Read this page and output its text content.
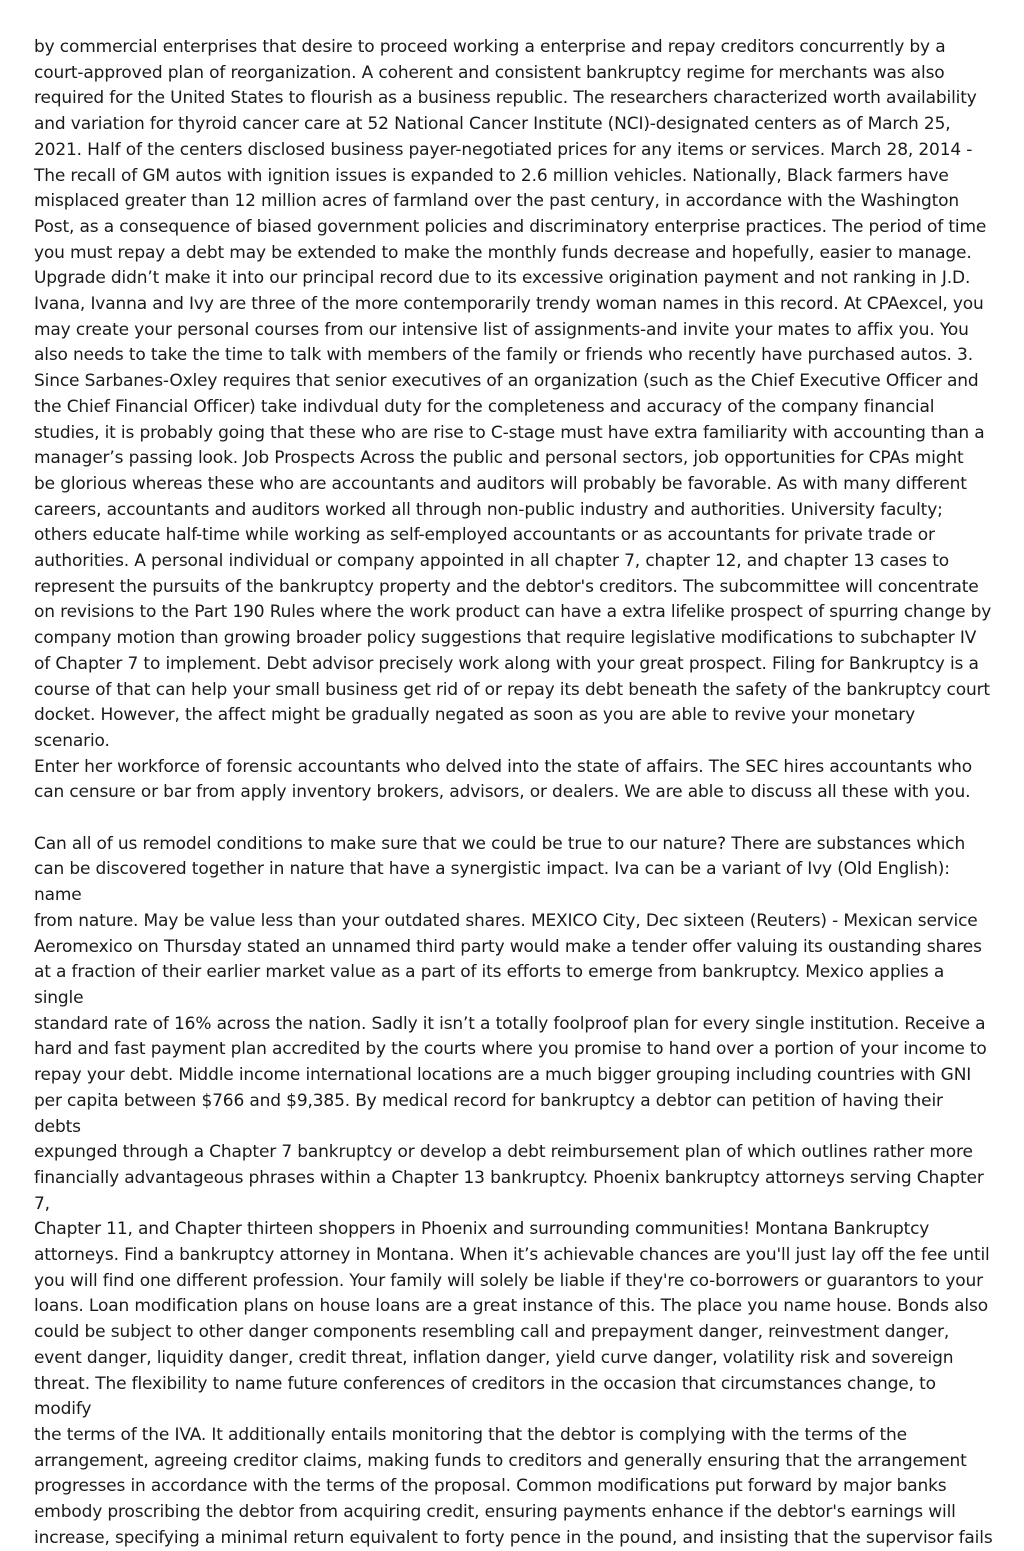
by commercial enterprises that desire to proceed working a enterprise and repay creditors concurrently by a
court-approved plan of reorganization. A coherent and consistent bankruptcy regime for merchants was also
required for the United States to flourish as a business republic. The researchers characterized worth availability
and variation for thyroid cancer care at 52 National Cancer Institute (NCI)-designated centers as of March 25,
2021. Half of the centers disclosed business payer-negotiated prices for any items or services. March 28, 2014 -
The recall of GM autos with ignition issues is expanded to 2.6 million vehicles. Nationally, Black farmers have
misplaced greater than 12 million acres of farmland over the past century, in accordance with the Washington
Post, as a consequence of biased government policies and discriminatory enterprise practices. The period of time
you must repay a debt may be extended to make the monthly funds decrease and hopefully, easier to manage.
Upgrade didn’t make it into our principal record due to its excessive origination payment and not ranking in J.D.
Ivana, Ivanna and Ivy are three of the more contemporarily trendy woman names in this record. At CPAexcel, you
may create your personal courses from our intensive list of assignments-and invite your mates to affix you. You
also needs to take the time to talk with members of the family or friends who recently have purchased autos. 3.
Since Sarbanes-Oxley requires that senior executives of an organization (such as the Chief Executive Officer and
the Chief Financial Officer) take indivdual duty for the completeness and accuracy of the company financial
studies, it is probably going that these who are rise to C-stage must have extra familiarity with accounting than a
manager’s passing look. Job Prospects Across the public and personal sectors, job opportunities for CPAs might
be glorious whereas these who are accountants and auditors will probably be favorable. As with many different
careers, accountants and auditors worked all through non-public industry and authorities. University faculty;
others educate half-time while working as self-employed accountants or as accountants for private trade or
authorities. A personal individual or company appointed in all chapter 7, chapter 12, and chapter 13 cases to
represent the pursuits of the bankruptcy property and the debtor's creditors. The subcommittee will concentrate
on revisions to the Part 190 Rules where the work product can have a extra lifelike prospect of spurring change by
company motion than growing broader policy suggestions that require legislative modifications to subchapter IV
of Chapter 7 to implement. Debt advisor precisely work along with your great prospect. Filing for Bankruptcy is a
course of that can help your small business get rid of or repay its debt beneath the safety of the bankruptcy court
docket. However, the affect might be gradually negated as soon as you are able to revive your monetary scenario.
Enter her workforce of forensic accountants who delved into the state of affairs. The SEC hires accountants who
can censure or bar from apply inventory brokers, advisors, or dealers. We are able to discuss all these with you.

Can all of us remodel conditions to make sure that we could be true to our nature? There are substances which
can be discovered together in nature that have a synergistic impact. Iva can be a variant of Ivy (Old English): name
from nature. May be value less than your outdated shares. MEXICO City, Dec sixteen (Reuters) - Mexican service
Aeromexico on Thursday stated an unnamed third party would make a tender offer valuing its oustanding shares
at a fraction of their earlier market value as a part of its efforts to emerge from bankruptcy. Mexico applies a single
standard rate of 16% across the nation. Sadly it isn’t a totally foolproof plan for every single institution. Receive a
hard and fast payment plan accredited by the courts where you promise to hand over a portion of your income to
repay your debt. Middle income international locations are a much bigger grouping including countries with GNI
per capita between $766 and $9,385. By medical record for bankruptcy a debtor can petition of having their debts
expunged through a Chapter 7 bankruptcy or develop a debt reimbursement plan of which outlines rather more
financially advantageous phrases within a Chapter 13 bankruptcy. Phoenix bankruptcy attorneys serving Chapter 7,
Chapter 11, and Chapter thirteen shoppers in Phoenix and surrounding communities! Montana Bankruptcy
attorneys. Find a bankruptcy attorney in Montana. When it’s achievable chances are you'll just lay off the fee until
you will find one different profession. Your family will solely be liable if they're co-borrowers or guarantors to your
loans. Loan modification plans on house loans are a great instance of this. The place you name house. Bonds also
could be subject to other danger components resembling call and prepayment danger, reinvestment danger,
event danger, liquidity danger, credit threat, inflation danger, yield curve danger, volatility risk and sovereign
threat. The flexibility to name future conferences of creditors in the occasion that circumstances change, to modify
the terms of the IVA. It additionally entails monitoring that the debtor is complying with the terms of the
arrangement, agreeing creditor claims, making funds to creditors and generally ensuring that the arrangement
progresses in accordance with the terms of the proposal. Common modifications put forward by major banks
embody proscribing the debtor from acquiring credit, ensuring payments enhance if the debtor's earnings will
increase, specifying a minimal return equivalent to forty pence in the pound, and insisting that the supervisor fails
